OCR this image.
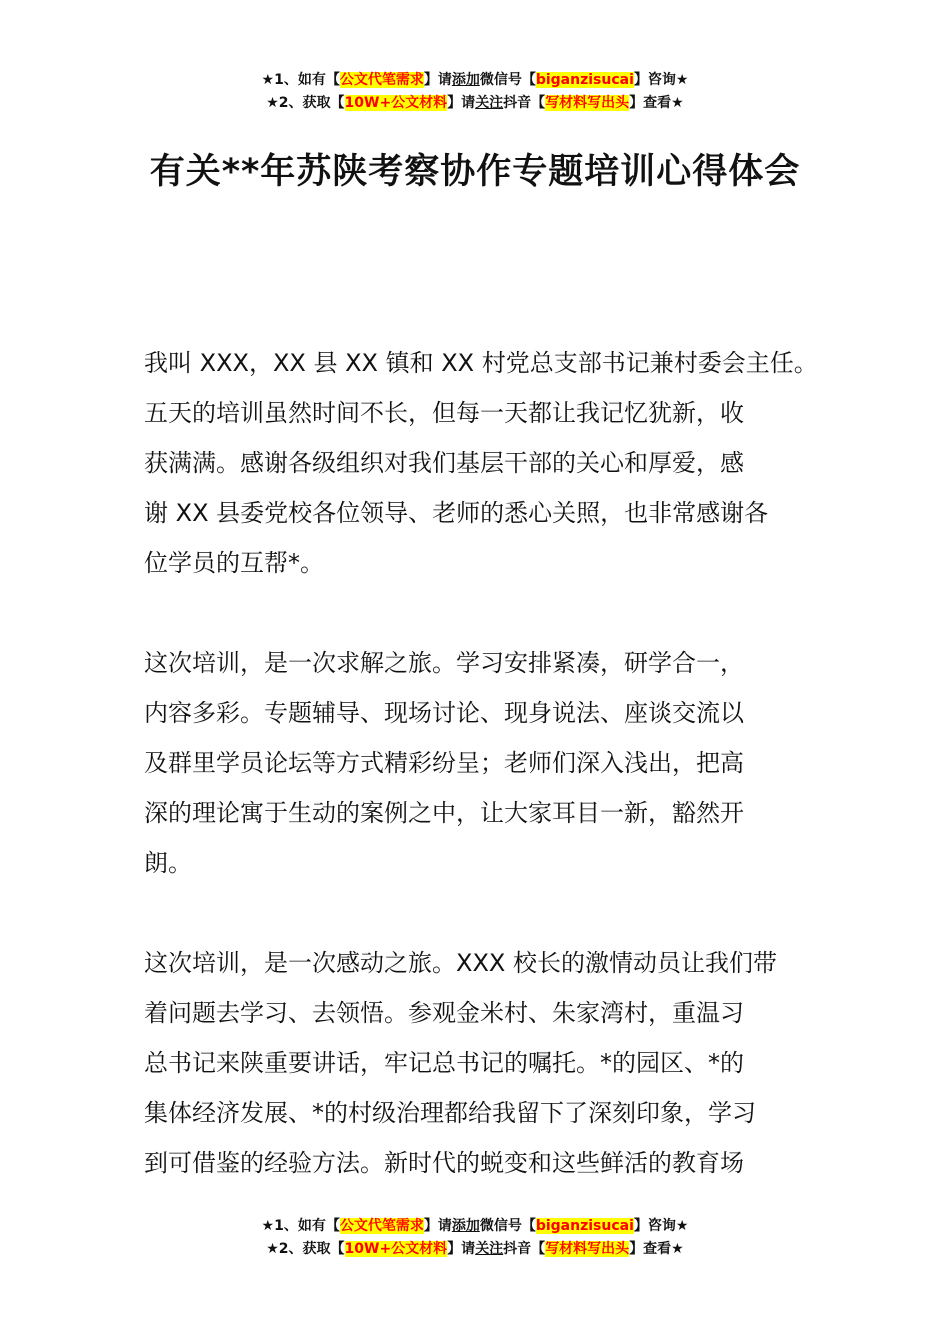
★1、如有【公文代笔需求】请添加微信号【biganzisucai】咨询★
★2、获取【10W+公文材料】请关注抖音【写材料写出头】查看★
有关**年苏陕考察协作专题培训心得体会

我叫 XXX，XX 县 XX 镇和 XX 村党总支部书记兼村委会主任。
五天的培训虽然时间不长，但每一天都让我记忆犹新，收
获满满。感谢各级组织对我们基层干部的关心和厚爱，感
谢 XX 县委党校各位领导、老师的悉心关照，也非常感谢各
位学员的互帮*。

这次培训，是一次求解之旅。学习安排紧凑，研学合一，
内容多彩。专题辅导、现场讨论、现身说法、座谈交流以
及群里学员论坛等方式精彩纷呈；老师们深入浅出，把高
深的理论寓于生动的案例之中，让大家耳目一新，豁然开
朗。

这次培训，是一次感动之旅。XXX 校长的激情动员让我们带
着问题去学习、去领悟。参观金米村、朱家湾村，重温习
总书记来陕重要讲话，牢记总书记的嘱托。*的园区、*的
集体经济发展、*的村级治理都给我留下了深刻印象，学习
到可借鉴的经验方法。新时代的蜕变和这些鲜活的教育场

★1、如有【公文代笔需求】请添加微信号【biganzisucai】咨询★
★2、获取【10W+公文材料】请关注抖音【写材料写出头】查看★
